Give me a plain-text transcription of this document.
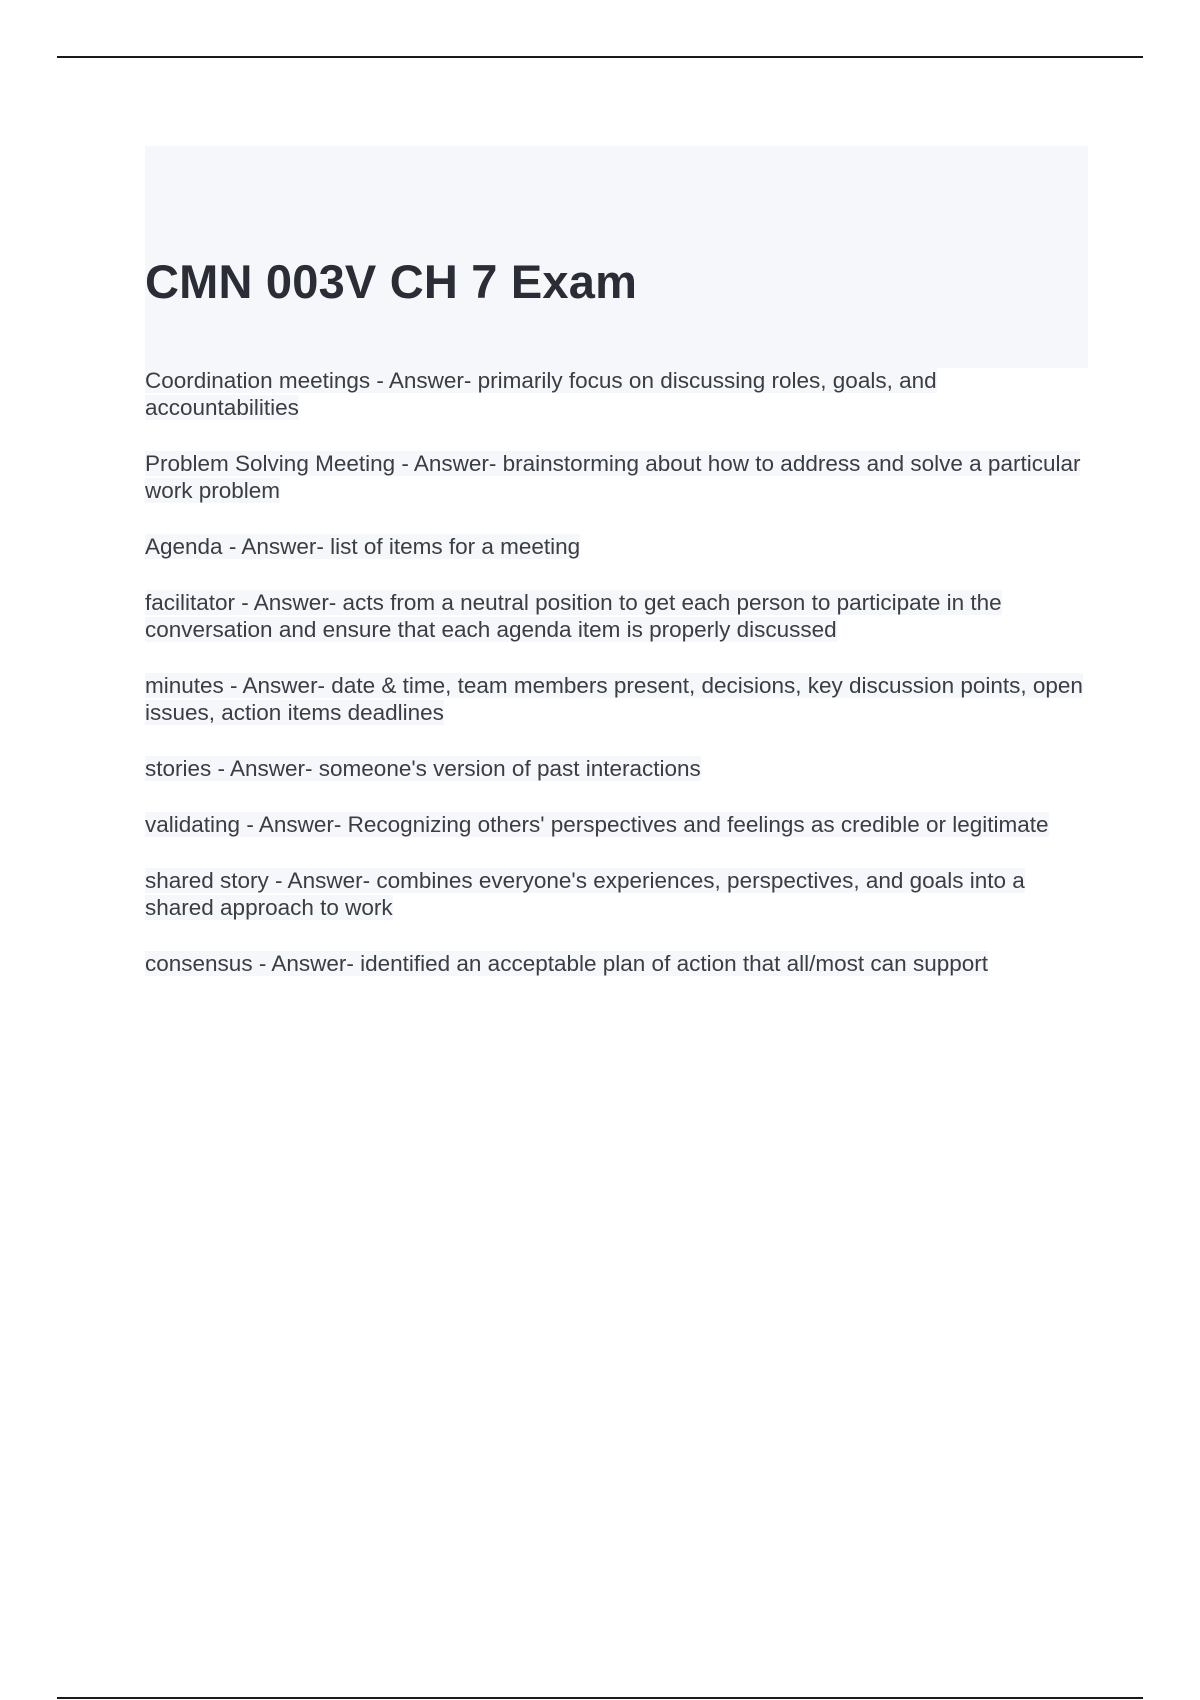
CMN 003V CH 7 Exam

Coordination meetings - Answer- primarily focus on discussing roles, goals, and accountabilities

Problem Solving Meeting - Answer- brainstorming about how to address and solve a particular work problem

Agenda - Answer- list of items for a meeting

facilitator - Answer- acts from a neutral position to get each person to participate in the conversation and ensure that each agenda item is properly discussed

minutes - Answer- date & time, team members present, decisions, key discussion points, open issues, action items deadlines

stories - Answer- someone's version of past interactions

validating - Answer- Recognizing others' perspectives and feelings as credible or legitimate

shared story - Answer- combines everyone's experiences, perspectives, and goals into a shared approach to work

consensus - Answer- identified an acceptable plan of action that all/most can support
